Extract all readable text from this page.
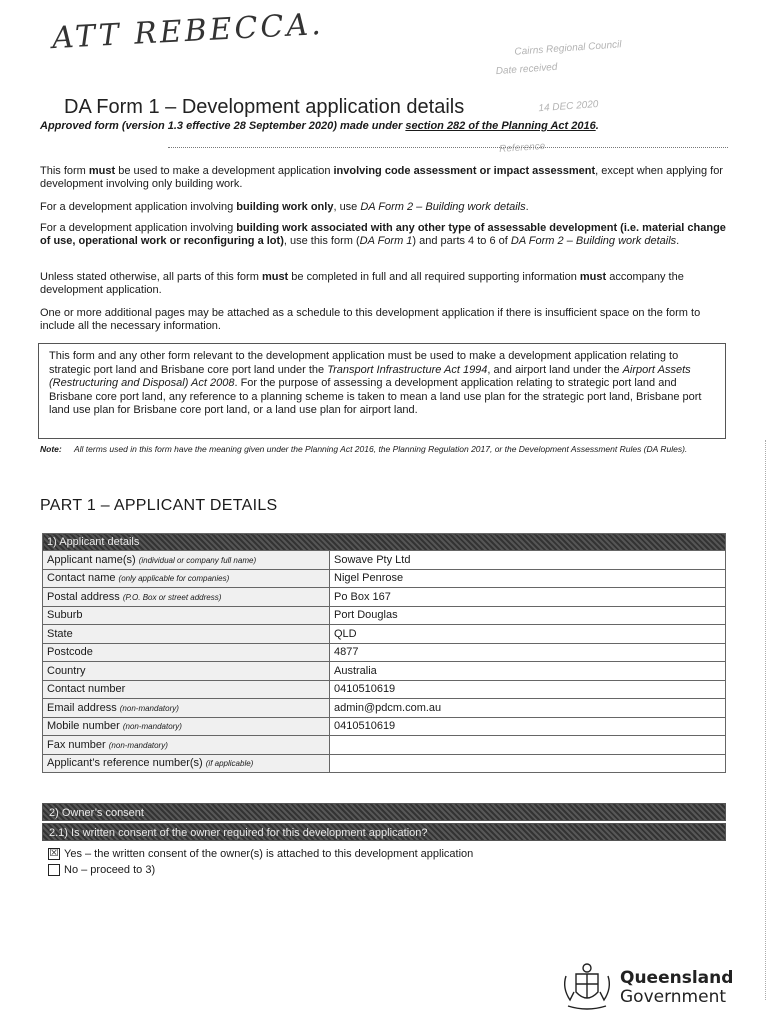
ATT REBECCA.	Cairns Regional Council
Date received
14 DEC 2020
Reference
DA Form 1 – Development application details
Approved form (version 1.3 effective 28 September 2020) made under section 282 of the Planning Act 2016.
This form must be used to make a development application involving code assessment or impact assessment, except when applying for development involving only building work.
For a development application involving building work only, use DA Form 2 – Building work details.
For a development application involving building work associated with any other type of assessable development (i.e. material change of use, operational work or reconfiguring a lot), use this form (DA Form 1) and parts 4 to 6 of DA Form 2 – Building work details.
Unless stated otherwise, all parts of this form must be completed in full and all required supporting information must accompany the development application.
One or more additional pages may be attached as a schedule to this development application if there is insufficient space on the form to include all the necessary information.
This form and any other form relevant to the development application must be used to make a development application relating to strategic port land and Brisbane core port land under the Transport Infrastructure Act 1994, and airport land under the Airport Assets (Restructuring and Disposal) Act 2008. For the purpose of assessing a development application relating to strategic port land and Brisbane core port land, any reference to a planning scheme is taken to mean a land use plan for the strategic port land, Brisbane port land use plan for Brisbane core port land, or a land use plan for airport land.
Note: All terms used in this form have the meaning given under the Planning Act 2016, the Planning Regulation 2017, or the Development Assessment Rules (DA Rules).
PART 1 – APPLICANT DETAILS
1) Applicant details	
Applicant name(s) (individual or company full name)	Sowave Pty Ltd
Contact name (only applicable for companies)	Nigel Penrose
Postal address (P.O. Box or street address)	Po Box 167
Suburb	Port Douglas
State	QLD
Postcode	4877
Country	Australia
Contact number	0410510619
Email address (non-mandatory)	admin@pdcm.com.au
Mobile number (non-mandatory)	0410510619
Fax number (non-mandatory)	
Applicant’s reference number(s) (if applicable)	
2) Owner’s consent
2.1) Is written consent of the owner required for this development application?
☒ Yes – the written consent of the owner(s) is attached to this development application
No – proceed to 3)
Queensland
Government
